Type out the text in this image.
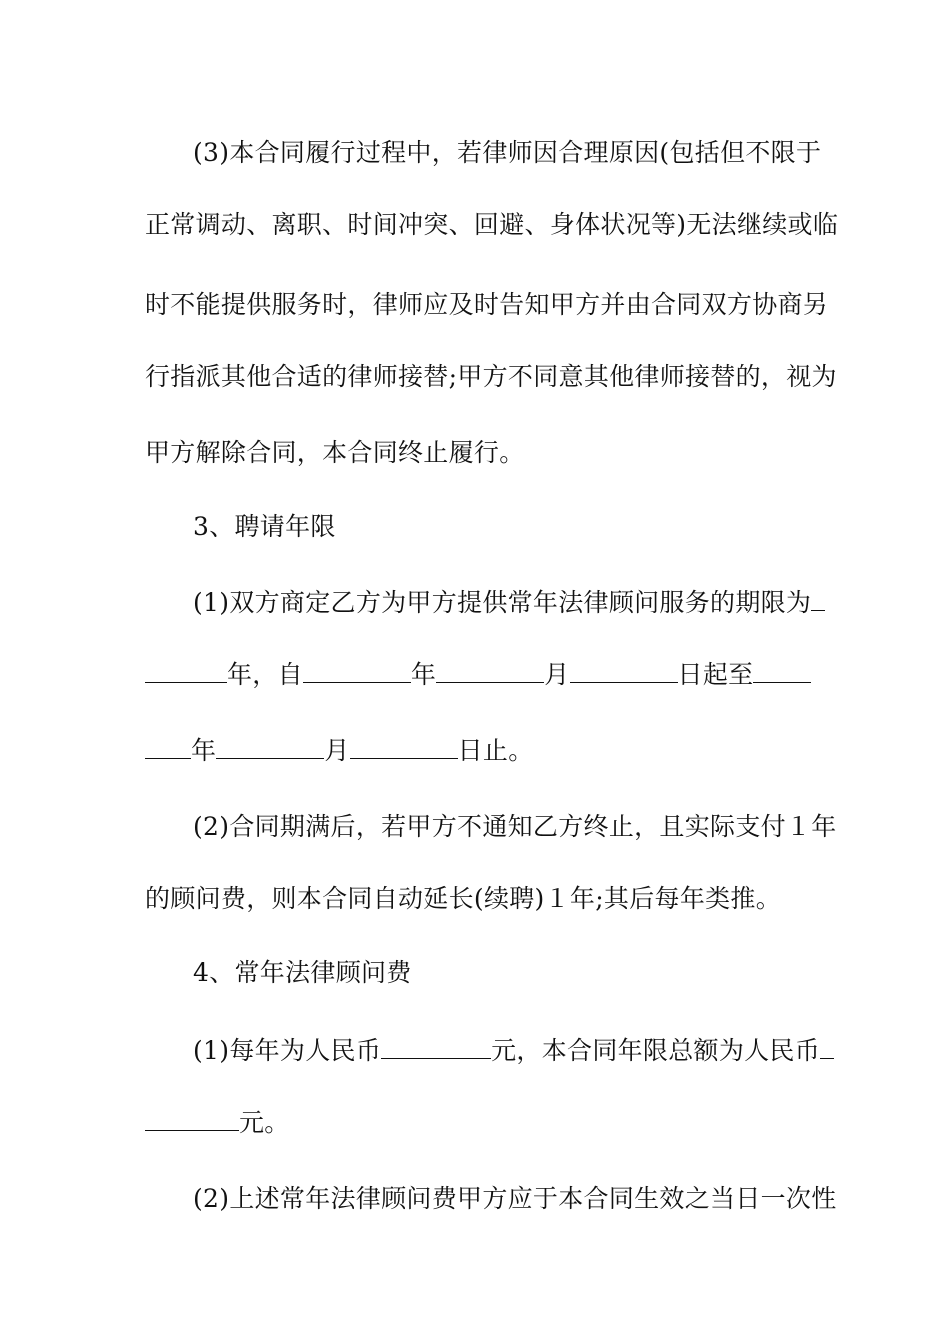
(3)本合同履行过程中，若律师因合理原因(包括但不限于
正常调动、离职、时间冲突、回避、身体状况等)无法继续或临
时不能提供服务时，律师应及时告知甲方并由合同双方协商另
行指派其他合适的律师接替;甲方不同意其他律师接替的，视为
甲方解除合同，本合同终止履行。
3、聘请年限
(1)双方商定乙方为甲方提供常年法律顾问服务的期限为
年，自	年	月	日起至
年	月	日止。
(2)合同期满后，若甲方不通知乙方终止，且实际支付１年
的顾问费，则本合同自动延长(续聘)１年;其后每年类推。
4、常年法律顾问费
(1)每年为人民币	元，本合同年限总额为人民币
元。
(2)上述常年法律顾问费甲方应于本合同生效之当日一次性
